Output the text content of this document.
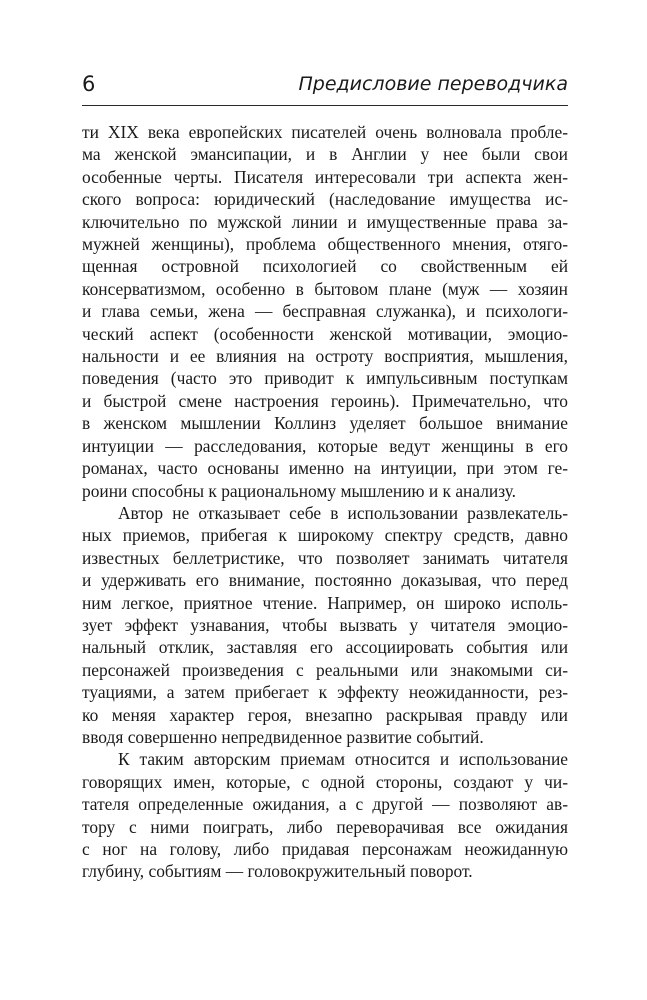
6	Предисловие переводчика
ти XIX века европейских писателей очень волновала пробле-
ма женской эмансипации, и в Англии у нее были свои
особенные черты. Писателя интересовали три аспекта жен-
ского вопроса: юридический (наследование имущества ис-
ключительно по мужской линии и имущественные права за-
мужней женщины), проблема общественного мнения, отяго-
щенная островной психологией со свойственным ей
консерватизмом, особенно в бытовом плане (муж — хозяин
и глава семьи, жена — бесправная служанка), и психологи-
ческий аспект (особенности женской мотивации, эмоцио-
нальности и ее влияния на остроту восприятия, мышления,
поведения (часто это приводит к импульсивным поступкам
и быстрой смене настроения героинь). Примечательно, что
в женском мышлении Коллинз уделяет большое внимание
интуиции — расследования, которые ведут женщины в его
романах, часто основаны именно на интуиции, при этом ге-
роини способны к рациональному мышлению и к анализу.
Автор не отказывает себе в использовании развлекатель-
ных приемов, прибегая к широкому спектру средств, давно
известных беллетристике, что позволяет занимать читателя
и удерживать его внимание, постоянно доказывая, что перед
ним легкое, приятное чтение. Например, он широко исполь-
зует эффект узнавания, чтобы вызвать у читателя эмоцио-
нальный отклик, заставляя его ассоциировать события или
персонажей произведения с реальными или знакомыми си-
туациями, а затем прибегает к эффекту неожиданности, рез-
ко меняя характер героя, внезапно раскрывая правду или
вводя совершенно непредвиденное развитие событий.
К таким авторским приемам относится и использование
говорящих имен, которые, с одной стороны, создают у чи-
тателя определенные ожидания, а с другой — позволяют ав-
тору с ними поиграть, либо переворачивая все ожидания
с ног на голову, либо придавая персонажам неожиданную
глубину, событиям — головокружительный поворот.
